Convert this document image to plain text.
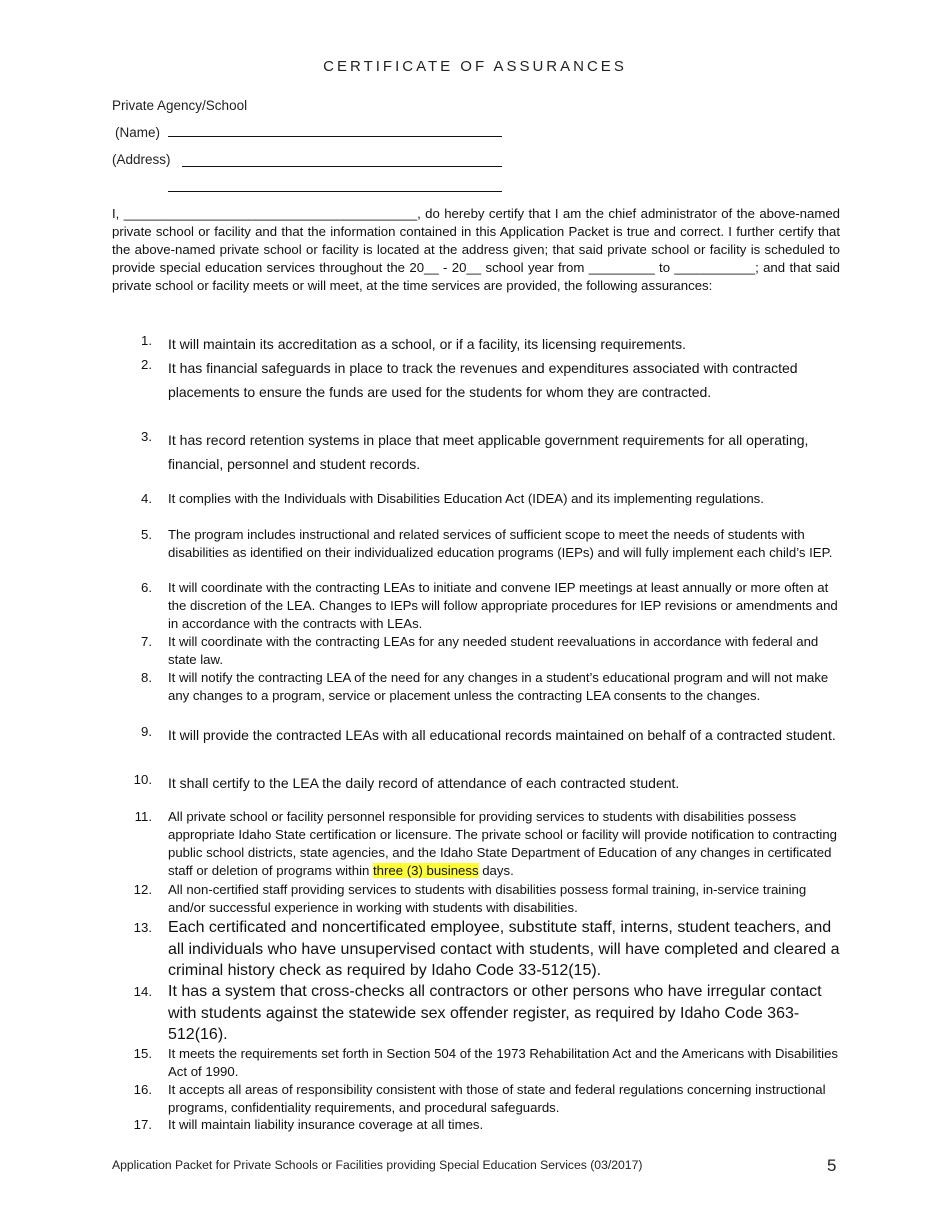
CERTIFICATE OF ASSURANCES
Private Agency/School
(Name)
(Address)
I, ________________________________________, do hereby certify that I am the chief administrator of the above-named private school or facility and that the information contained in this Application Packet is true and correct. I further certify that the above-named private school or facility is located at the address given; that said private school or facility is scheduled to provide special education services throughout the 20__ - 20__ school year from _________ to ___________; and that said private school or facility meets or will meet, at the time services are provided, the following assurances:
1. It will maintain its accreditation as a school, or if a facility, its licensing requirements.
2. It has financial safeguards in place to track the revenues and expenditures associated with contracted placements to ensure the funds are used for the students for whom they are contracted.
3. It has record retention systems in place that meet applicable government requirements for all operating, financial, personnel and student records.
4. It complies with the Individuals with Disabilities Education Act (IDEA) and its implementing regulations.
5. The program includes instructional and related services of sufficient scope to meet the needs of students with disabilities as identified on their individualized education programs (IEPs) and will fully implement each child’s IEP.
6. It will coordinate with the contracting LEAs to initiate and convene IEP meetings at least annually or more often at the discretion of the LEA. Changes to IEPs will follow appropriate procedures for IEP revisions or amendments and in accordance with the contracts with LEAs.
7. It will coordinate with the contracting LEAs for any needed student reevaluations in accordance with federal and state law.
8. It will notify the contracting LEA of the need for any changes in a student’s educational program and will not make any changes to a program, service or placement unless the contracting LEA consents to the changes.
9. It will provide the contracted LEAs with all educational records maintained on behalf of a contracted student.
10. It shall certify to the LEA the daily record of attendance of each contracted student.
11. All private school or facility personnel responsible for providing services to students with disabilities possess appropriate Idaho State certification or licensure. The private school or facility will provide notification to contracting public school districts, state agencies, and the Idaho State Department of Education of any changes in certificated staff or deletion of programs within three (3) business days.
12. All non-certified staff providing services to students with disabilities possess formal training, in-service training and/or successful experience in working with students with disabilities.
13. Each certificated and noncertificated employee, substitute staff, interns, student teachers, and all individuals who have unsupervised contact with students, will have completed and cleared a criminal history check as required by Idaho Code 33-512(15).
14. It has a system that cross-checks all contractors or other persons who have irregular contact with students against the statewide sex offender register, as required by Idaho Code 363-512(16).
15. It meets the requirements set forth in Section 504 of the 1973 Rehabilitation Act and the Americans with Disabilities Act of 1990.
16. It accepts all areas of responsibility consistent with those of state and federal regulations concerning instructional programs, confidentiality requirements, and procedural safeguards.
17. It will maintain liability insurance coverage at all times.
Application Packet for Private Schools or Facilities providing Special Education Services (03/2017)	5
